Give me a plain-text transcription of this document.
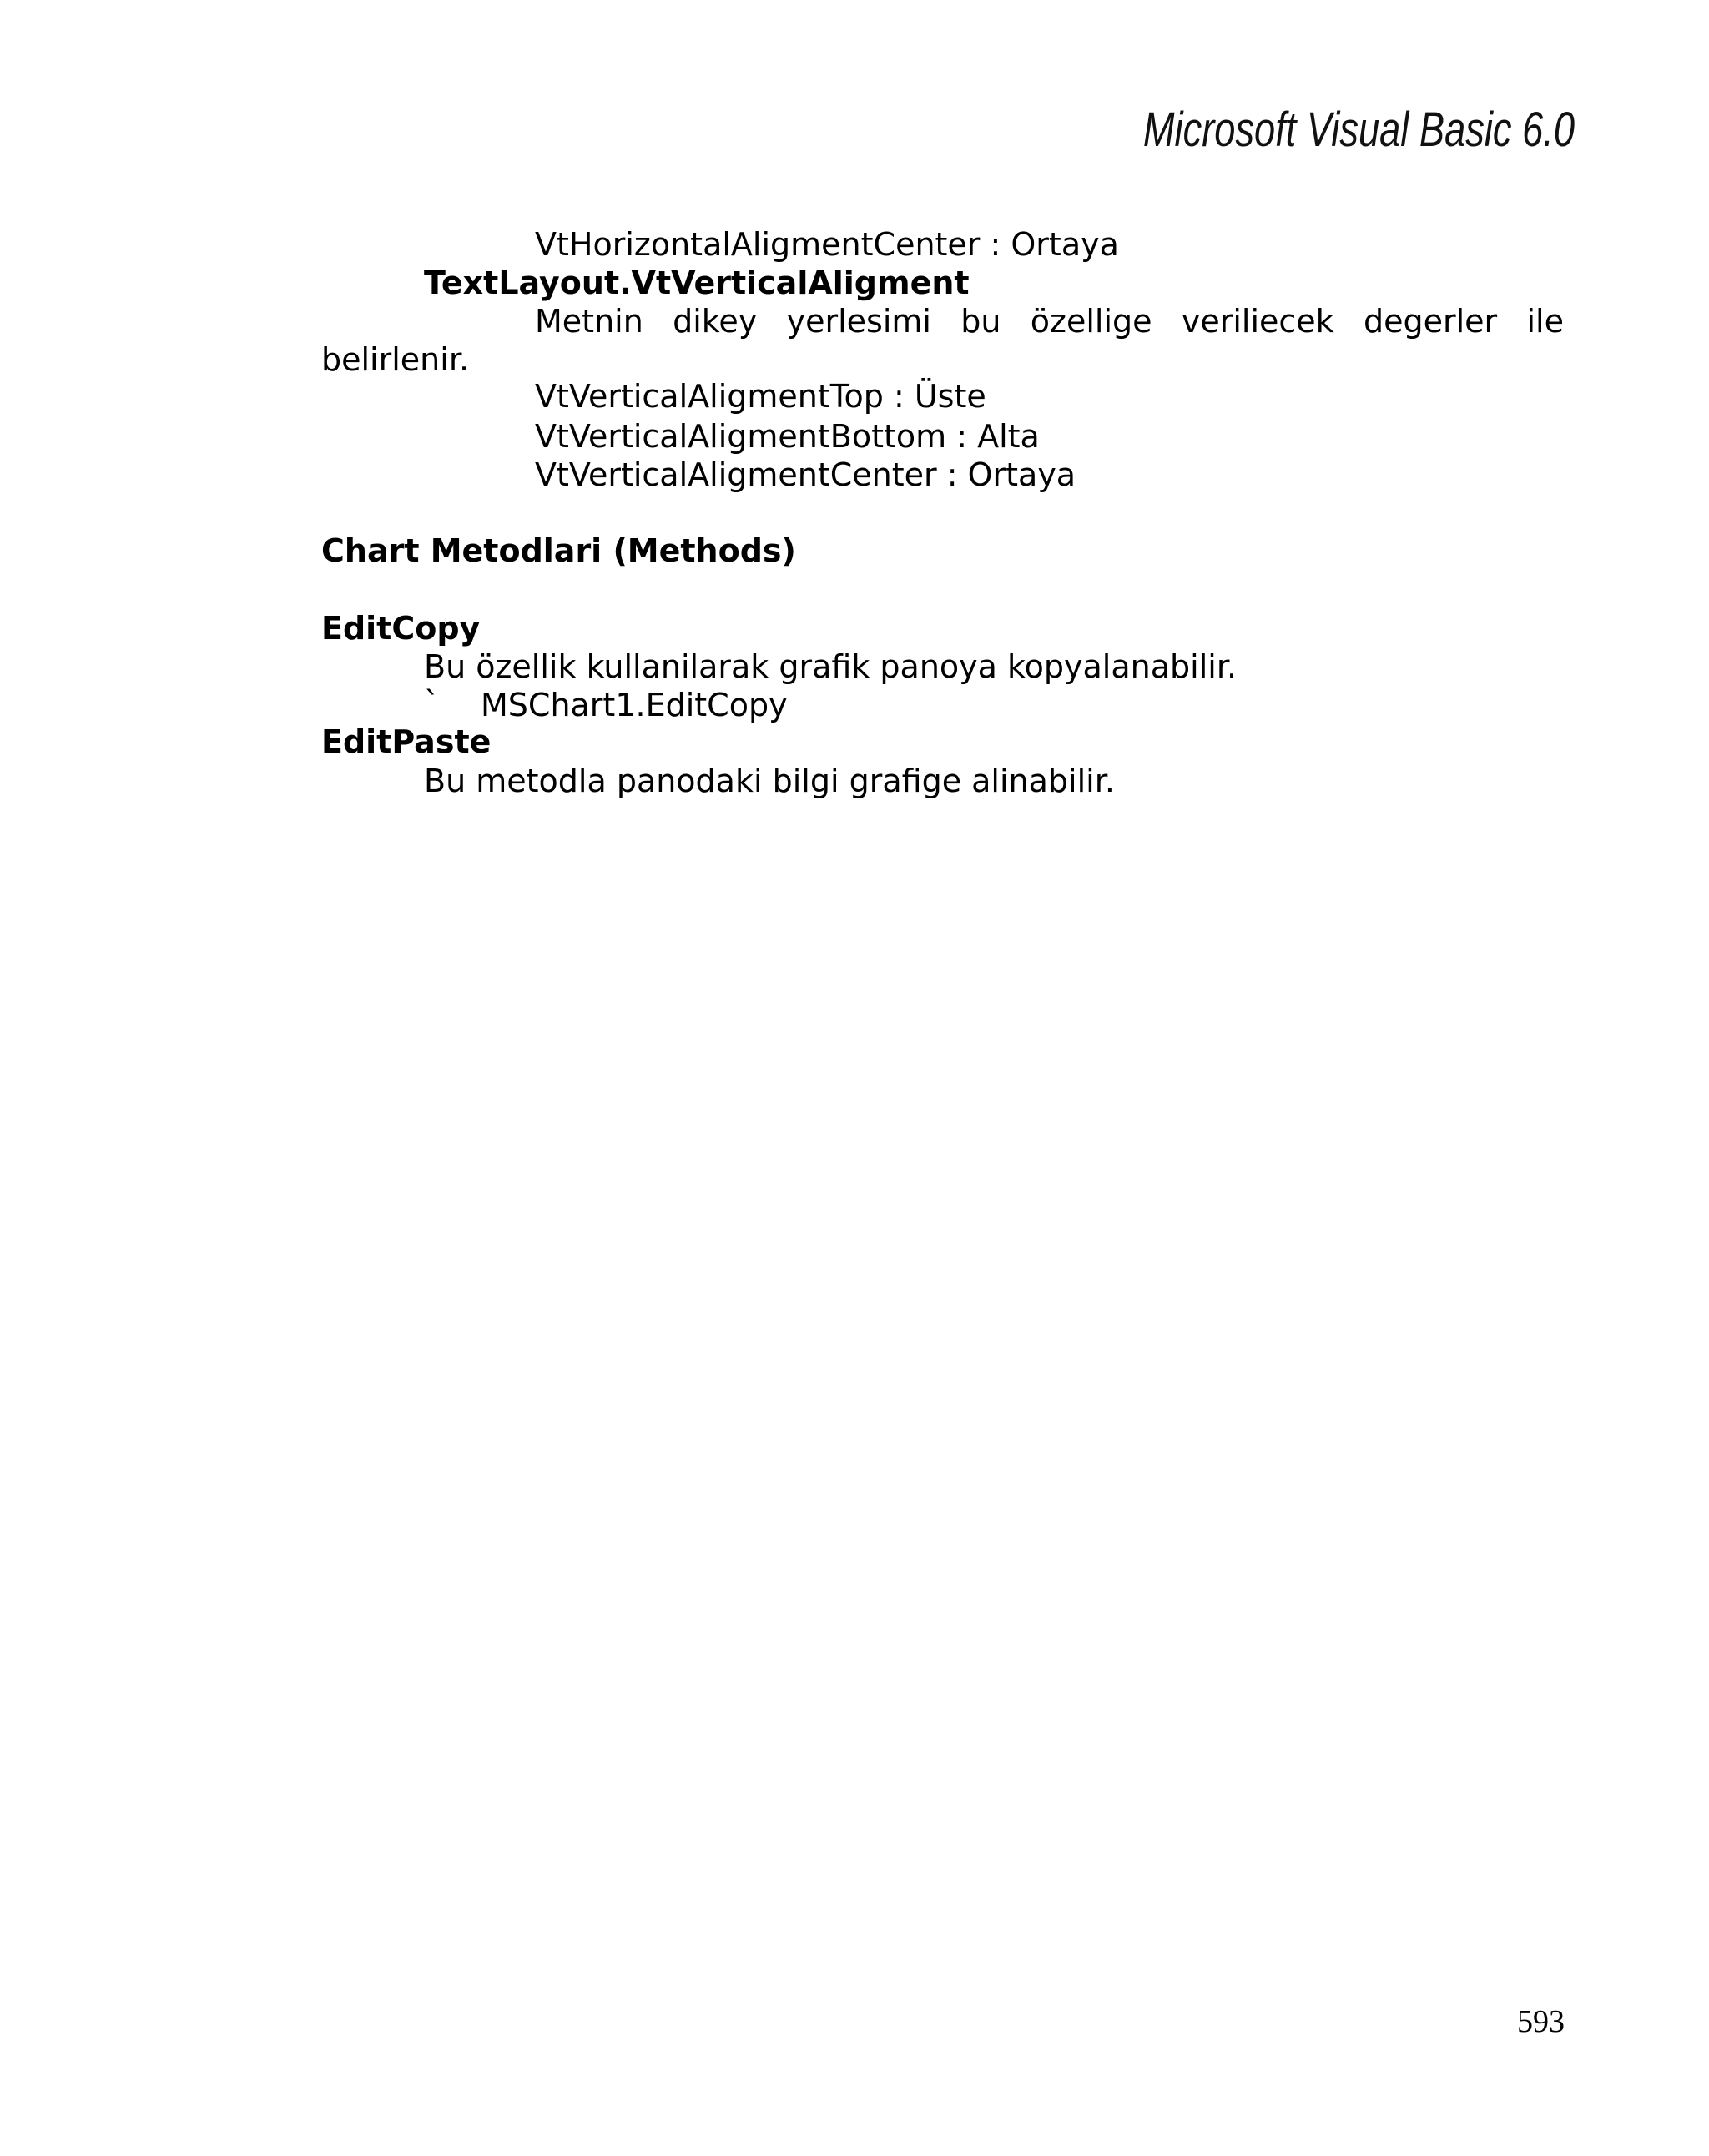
Microsoft Visual Basic 6.0
VtHorizontalAligmentCenter : Ortaya
TextLayout.VtVerticalAligment
Metnin dikey yerlesimi bu özellige veriliecek degerler ile
belirlenir.
VtVerticalAligmentTop : Üste
VtVerticalAligmentBottom : Alta
VtVerticalAligmentCenter : Ortaya
Chart Metodlari (Methods)
EditCopy
Bu özellik kullanilarak grafik panoya kopyalanabilir.
` MSChart1.EditCopy
EditPaste
Bu metodla panodaki bilgi grafige alinabilir.
593
